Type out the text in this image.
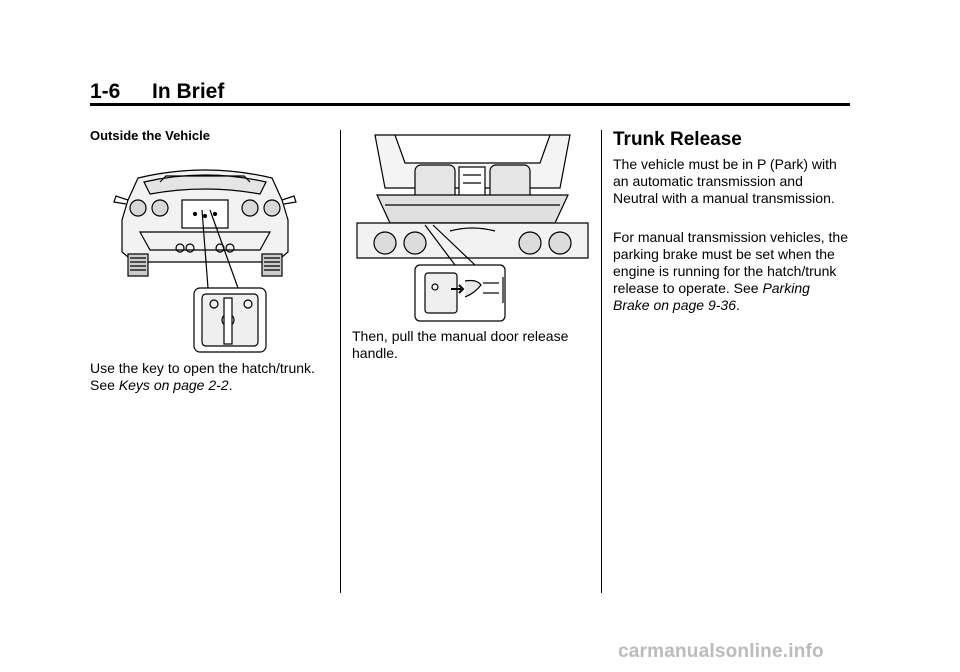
1-6 In Brief
Outside the Vehicle

Use the key to open the hatch/trunk. See Keys on page 2-2.

Then, pull the manual door release handle.

Trunk Release

The vehicle must be in P (Park) with an automatic transmission and Neutral with a manual transmission.

For manual transmission vehicles, the parking brake must be set when the engine is running for the hatch/trunk release to operate. See Parking Brake on page 9-36.

carmanualsonline.info
